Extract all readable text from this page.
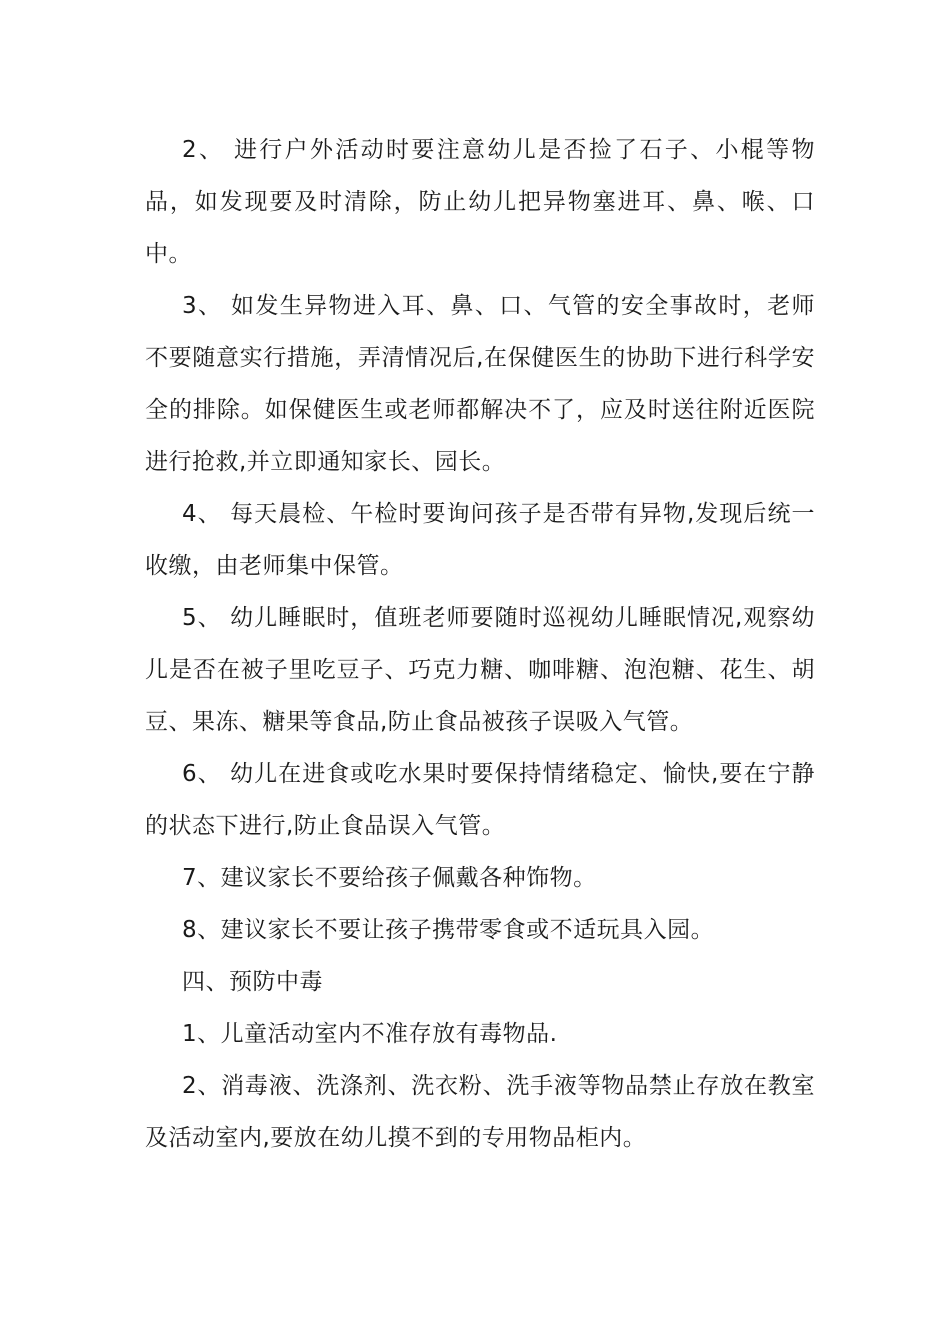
2、 进行户外活动时要注意幼儿是否捡了石子、小棍等物品，如发现要及时清除，防止幼儿把异物塞进耳、鼻、喉、口中。

3、 如发生异物进入耳、鼻、口、气管的安全事故时，老师不要随意实行措施，弄清情况后,在保健医生的协助下进行科学安全的排除。如保健医生或老师都解决不了，应及时送往附近医院进行抢救,并立即通知家长、园长。

4、 每天晨检、午检时要询问孩子是否带有异物,发现后统一收缴，由老师集中保管。

5、 幼儿睡眠时，值班老师要随时巡视幼儿睡眠情况,观察幼儿是否在被子里吃豆子、巧克力糖、咖啡糖、泡泡糖、花生、胡豆、果冻、糖果等食品,防止食品被孩子误吸入气管。

6、 幼儿在进食或吃水果时要保持情绪稳定、愉快,要在宁静的状态下进行,防止食品误入气管。

7、建议家长不要给孩子佩戴各种饰物。

8、建议家长不要让孩子携带零食或不适玩具入园。

四、预防中毒

1、儿童活动室内不准存放有毒物品.

2、消毒液、洗涤剂、洗衣粉、洗手液等物品禁止存放在教室及活动室内,要放在幼儿摸不到的专用物品柜内。
